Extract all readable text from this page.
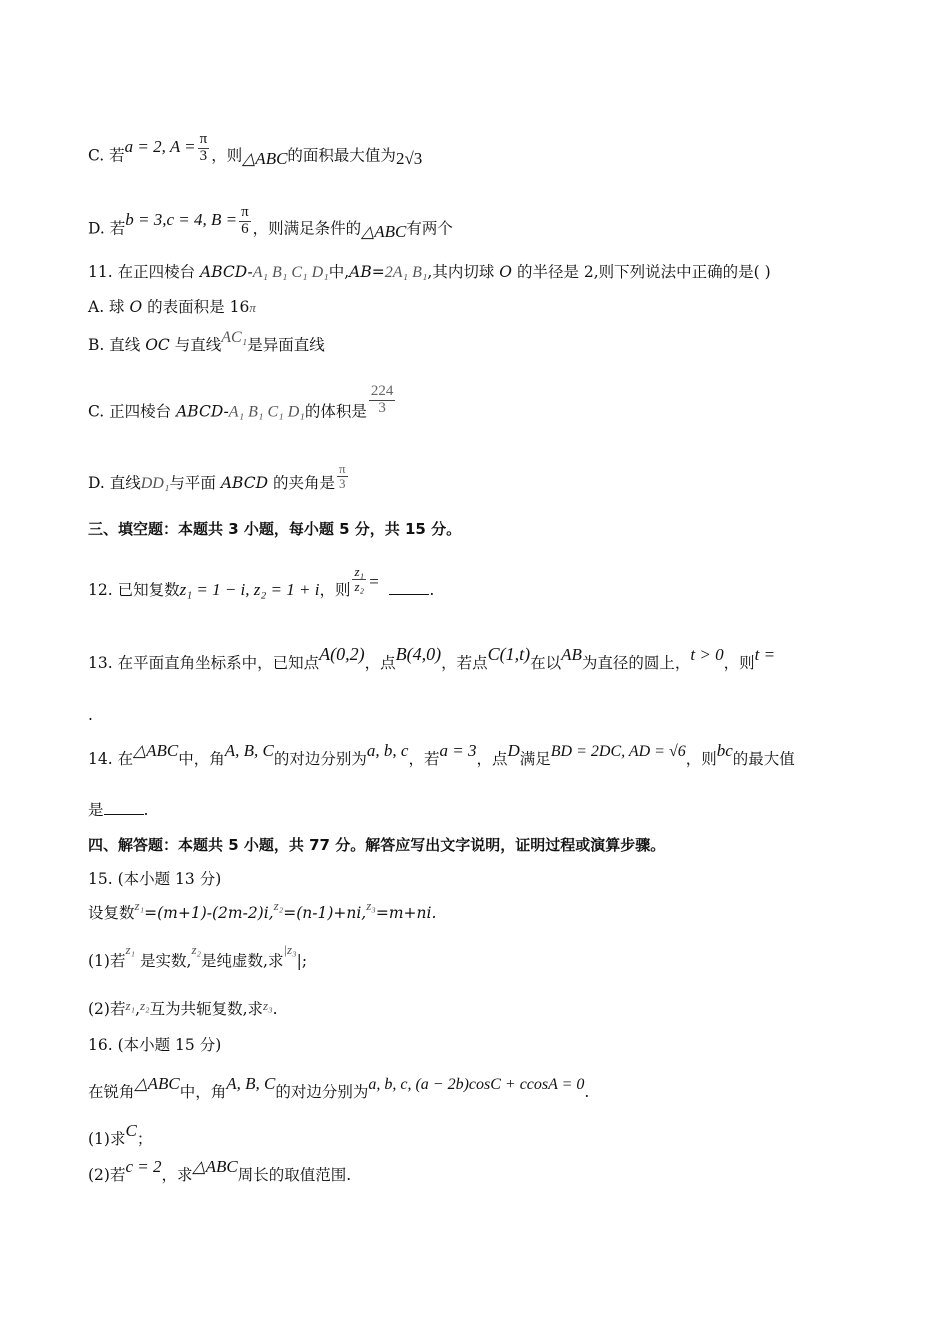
C. 若a = 2, $A = \frac{\pi}{3}$ ，则△ABC的面积最大值为2√3
D. 若b = 3,c = 4, $B = \frac{\pi}{6}$ ，则满足条件的△ABC有两个
11. 在正四棱台 ABCD-A₁ B₁ C₁ D₁中,AB=2A₁ B₁,其内切球 O 的半径是 2,则下列说法中正确的是( )
A. 球 O 的表面积是 16π
B. 直线 OC 与直线AC₁是异面直线
C. 正四棱台 ABCD-A₁ B₁ C₁ D₁的体积是 $\frac{224}{3}$
D. 直线DD₁与平面 ABCD 的夹角是 $\frac{\pi}{3}$
三、填空题：本题共 3 小题，每小题 5 分，共 15 分。
12. 已知复数z₁ = 1 − i, z₂ = 1 + i，则 $\frac{\text{z₁}}{\text{z₂}}$ =	.
13. 在平面直角坐标系中，已知点A(0,2)，点B(4,0)，若点C(1,t)在以AB为直径的圆上，t > 0，则t =
.
14. 在△ABC中，角A, B, C的对边分别为a, b, c，若a = 3，点D满足BD = 2DC, AD = √6，则bc的最大值
是	.
四、解答题：本题共 5 小题，共 77 分。解答应写出文字说明，证明过程或演算步骤。
15. (本小题 13 分)
设复数$^{z_1}$=(m+1)-(2m-2)i,$^{z_2}$=(n-1)+ni,$^{z_3}$=m+ni.
(1)若$^{z_1}$ 是实数,$^{z_2}$是纯虚数,求$^{|z_3}$|;
(2)若$^{z_1}$,$^{z_2}$互为共轭复数,求$^{z_3}$.
16. (本小题 15 分)
在锐角△ABC中，角A, B, C的对边分别为a, b, c, (a − 2b)cosC + ccosA = 0.
(1)求C；
(2)若c = 2，求△ABC周长的取值范围.
